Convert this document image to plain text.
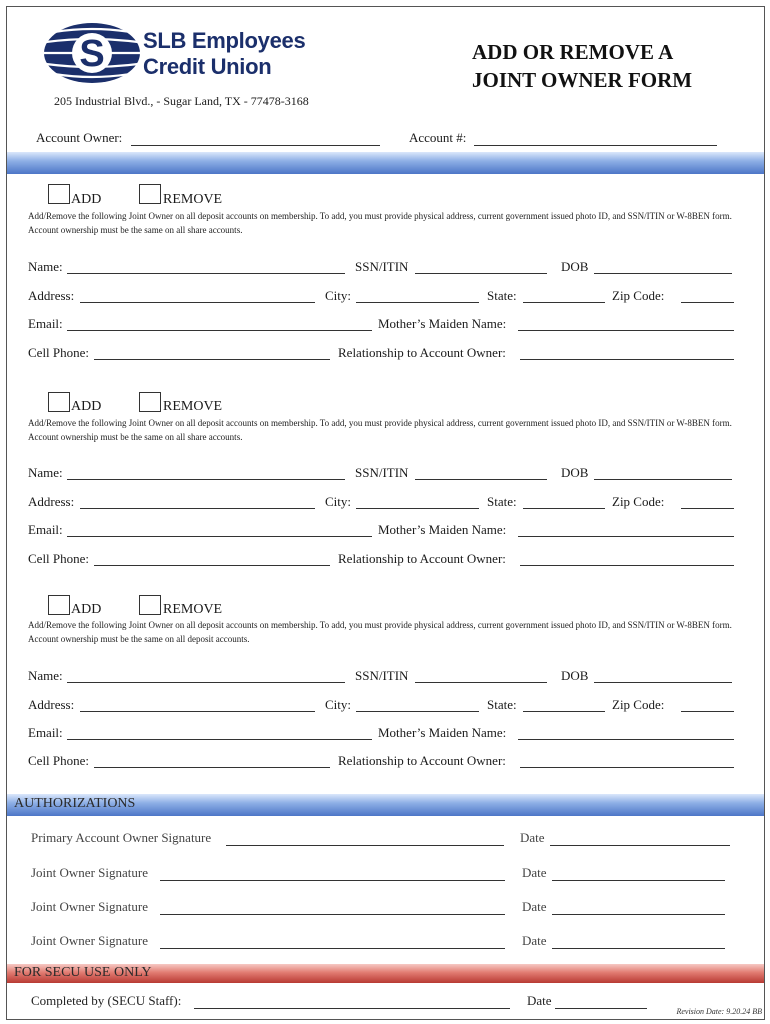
S SLB Employees
Credit Union
ADD OR REMOVE A
JOINT OWNER FORM
205 Industrial Blvd., - Sugar Land, TX - 77478-3168
Account Owner:	Account #:
ADD	REMOVE
Add/Remove the following Joint Owner on all deposit accounts on membership. To add, you must provide physical address, current government issued photo ID, and SSN/ITIN or W-8BEN form. Account ownership must be the same on all share accounts.
Name:	SSN/ITIN	DOB
Address:	City:	State:	Zip Code:
Email:	Mother’s Maiden Name:
Cell Phone:	Relationship to Account Owner:
ADD	REMOVE
Add/Remove the following Joint Owner on all deposit accounts on membership. To add, you must provide physical address, current government issued photo ID, and SSN/ITIN or W-8BEN form. Account ownership must be the same on all share accounts.
Name:	SSN/ITIN	DOB
Address:	City:	State:	Zip Code:
Email:	Mother’s Maiden Name:
Cell Phone:	Relationship to Account Owner:
ADD	REMOVE
Add/Remove the following Joint Owner on all deposit accounts on membership. To add, you must provide physical address, current government issued photo ID, and SSN/ITIN or W-8BEN form. Account ownership must be the same on all deposit accounts.
Name:	SSN/ITIN	DOB
Address:	City:	State:	Zip Code:
Email:	Mother’s Maiden Name:
Cell Phone:	Relationship to Account Owner:
AUTHORIZATIONS
Primary Account Owner Signature	Date
Joint Owner Signature	Date
Joint Owner Signature	Date
Joint Owner Signature	Date
FOR SECU USE ONLY
Completed by (SECU Staff):	Date
Revision Date: 9.20.24 BB
